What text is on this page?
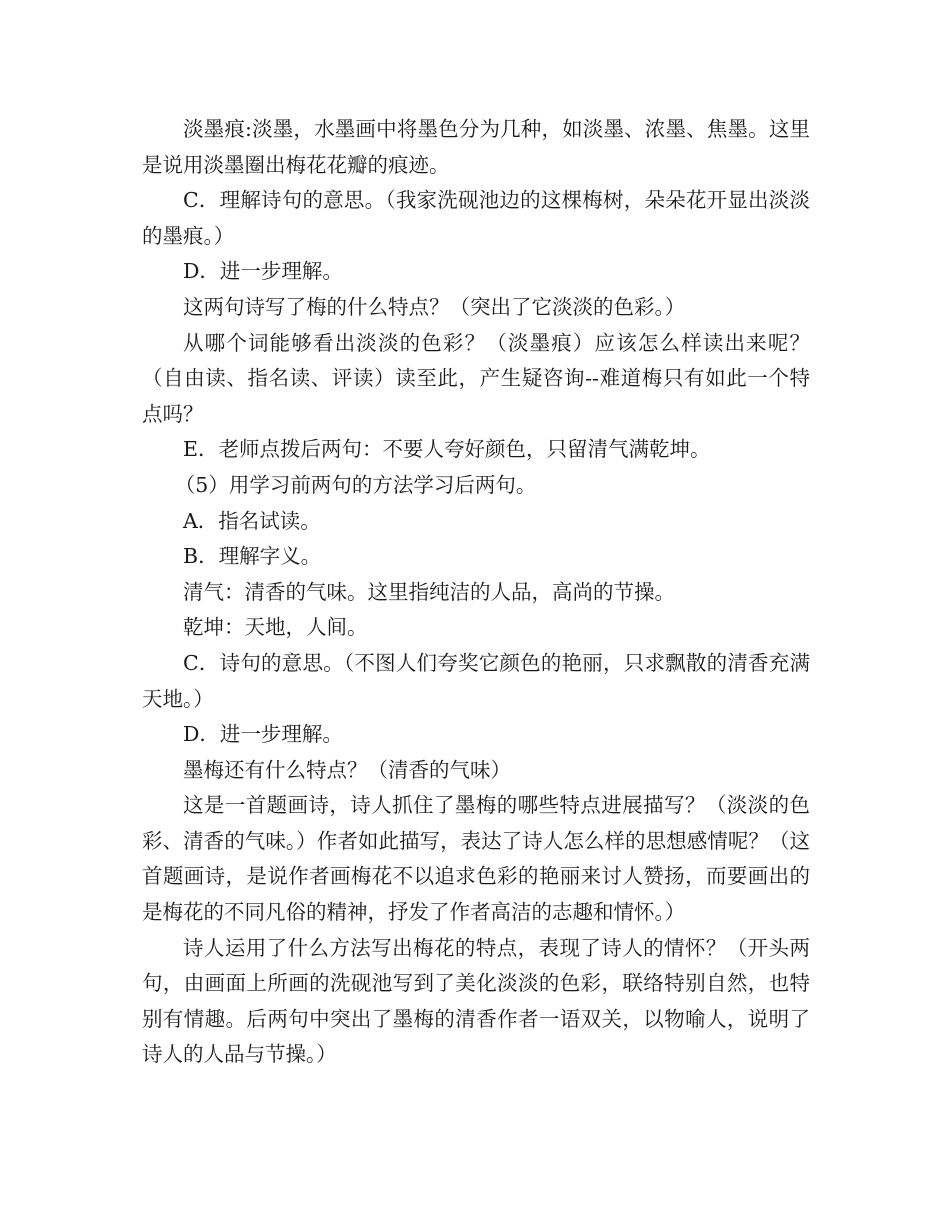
淡墨痕:淡墨，水墨画中将墨色分为几种，如淡墨、浓墨、焦墨。这里是说用淡墨圈出梅花花瓣的痕迹。

C．理解诗句的意思。（我家洗砚池边的这棵梅树，朵朵花开显出淡淡的墨痕。）

D．进一步理解。

这两句诗写了梅的什么特点？（突出了它淡淡的色彩。）

从哪个词能够看出淡淡的色彩？（淡墨痕）应该怎么样读出来呢？（自由读、指名读、评读）读至此，产生疑咨询--难道梅只有如此一个特点吗？

E．老师点拨后两句：不要人夸好颜色，只留清气满乾坤。

（5）用学习前两句的方法学习后两句。

A．指名试读。

B．理解字义。

清气：清香的气味。这里指纯洁的人品，高尚的节操。

乾坤：天地，人间。

C．诗句的意思。（不图人们夸奖它颜色的艳丽，只求飘散的清香充满天地。）

D．进一步理解。

墨梅还有什么特点？（清香的气味）

这是一首题画诗，诗人抓住了墨梅的哪些特点进展描写？（淡淡的色彩、清香的气味。）作者如此描写，表达了诗人怎么样的思想感情呢？（这首题画诗，是说作者画梅花不以追求色彩的艳丽来讨人赞扬，而要画出的是梅花的不同凡俗的精神，抒发了作者高洁的志趣和情怀。）

诗人运用了什么方法写出梅花的特点，表现了诗人的情怀？（开头两句，由画面上所画的洗砚池写到了美化淡淡的色彩，联络特别自然，也特别有情趣。后两句中突出了墨梅的清香作者一语双关，以物喻人，说明了诗人的人品与节操。）
